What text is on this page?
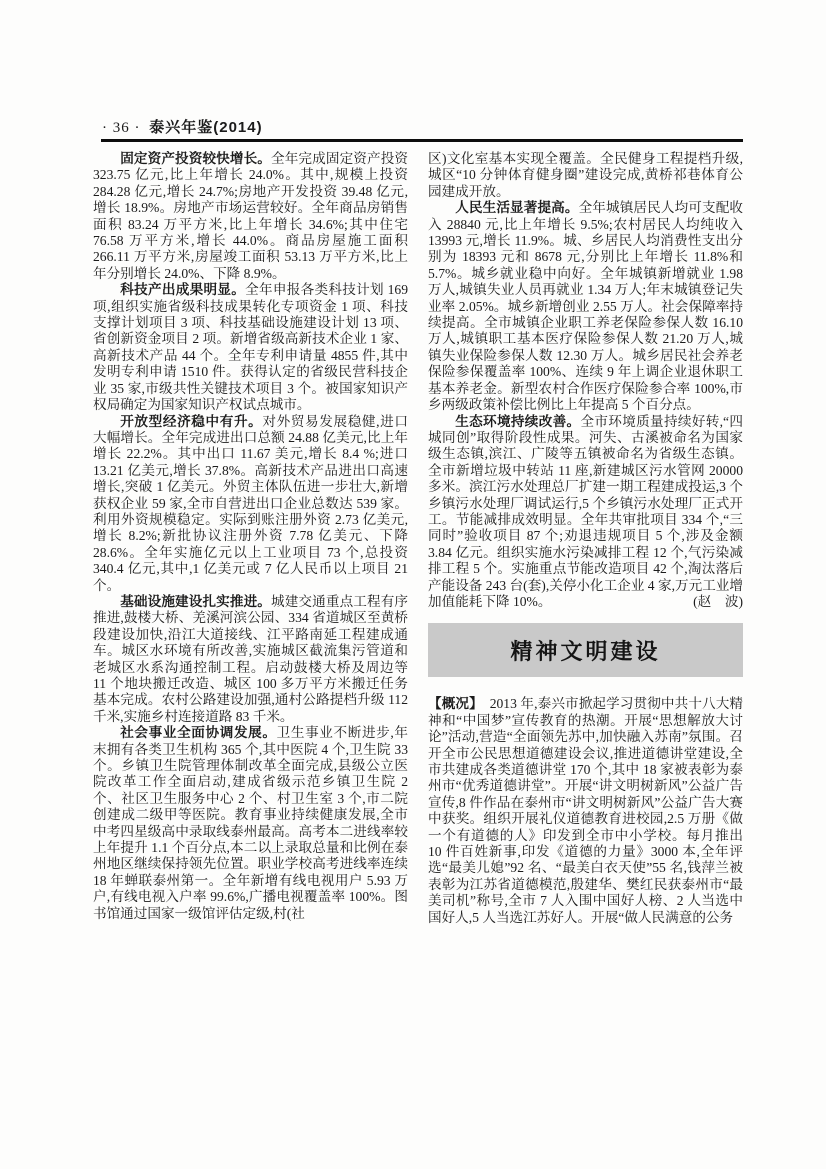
· 36 · 泰兴年鉴(2014)

固定资产投资较快增长。全年完成固定资产投资 323.75 亿元,比上年增长 24.0%。其中,规模上投资 284.28 亿元,增长 24.7%;房地产开发投资 39.48 亿元,增长 18.9%。房地产市场运营较好。全年商品房销售面积 83.24 万平方米,比上年增长 34.6%;其中住宅 76.58 万平方米,增长 44.0%。商品房屋施工面积 266.11 万平方米,房屋竣工面积 53.13 万平方米,比上年分别增长 24.0%、下降 8.9%。

科技产出成果明显。全年申报各类科技计划 169 项,组织实施省级科技成果转化专项资金 1 项、科技支撑计划项目 3 项、科技基础设施建设计划 13 项、省创新资金项目 2 项。新增省级高新技术企业 1 家、高新技术产品 44 个。全年专利申请量 4855 件,其中发明专利申请 1510 件。获得认定的省级民营科技企业 35 家,市级共性关键技术项目 3 个。被国家知识产权局确定为国家知识产权试点城市。

开放型经济稳中有升。对外贸易发展稳健,进口大幅增长。全年完成进出口总额 24.88 亿美元,比上年增长 22.2%。其中出口 11.67 美元,增长 8.4 %;进口 13.21 亿美元,增长 37.8%。高新技术产品进出口高速增长,突破 1 亿美元。外贸主体队伍进一步壮大,新增获权企业 59 家,全市自营进出口企业总数达 539 家。利用外资规模稳定。实际到账注册外资 2.73 亿美元,增长 8.2%;新批协议注册外资 7.78 亿美元、下降 28.6%。全年实施亿元以上工业项目 73 个,总投资 340.4 亿元,其中,1 亿美元或 7 亿人民币以上项目 21 个。

基础设施建设扎实推进。城建交通重点工程有序推进,鼓楼大桥、羌溪河滨公园、334 省道城区至黄桥段建设加快,沿江大道接线、江平路南延工程建成通车。城区水环境有所改善,实施城区截流集污管道和老城区水系沟通控制工程。启动鼓楼大桥及周边等 11 个地块搬迁改造、城区 100 多万平方米搬迁任务基本完成。农村公路建设加强,通村公路提档升级 112 千米,实施乡村连接道路 83 千米。

社会事业全面协调发展。卫生事业不断进步,年末拥有各类卫生机构 365 个,其中医院 4 个,卫生院 33 个。乡镇卫生院管理体制改革全面完成,县级公立医院改革工作全面启动,建成省级示范乡镇卫生院 2 个、社区卫生服务中心 2 个、村卫生室 3 个,市二院创建成二级甲等医院。教育事业持续健康发展,全市中考四星级高中录取线泰州最高。高考本二进线率较上年提升 1.1 个百分点,本二以上录取总量和比例在泰州地区继续保持领先位置。职业学校高考进线率连续 18 年蝉联泰州第一。全年新增有线电视用户 5.93 万户,有线电视入户率 99.6%,广播电视覆盖率 100%。图书馆通过国家一级馆评估定级,村(社

区)文化室基本实现全覆盖。全民健身工程提档升级,城区“10 分钟体育健身圈”建设完成,黄桥祁巷体育公园建成开放。

人民生活显著提高。全年城镇居民人均可支配收入 28840 元,比上年增长 9.5%;农村居民人均纯收入 13993 元,增长 11.9%。城、乡居民人均消费性支出分别为 18393 元和 8678 元,分别比上年增长 11.8%和 5.7%。城乡就业稳中向好。全年城镇新增就业 1.98 万人,城镇失业人员再就业 1.34 万人;年末城镇登记失业率 2.05%。城乡新增创业 2.55 万人。社会保障率持续提高。全市城镇企业职工养老保险参保人数 16.10 万人,城镇职工基本医疗保险参保人数 21.20 万人,城镇失业保险参保人数 12.30 万人。城乡居民社会养老保险参保覆盖率 100%、连续 9 年上调企业退休职工基本养老金。新型农村合作医疗保险参合率 100%,市乡两级政策补偿比例比上年提高 5 个百分点。

生态环境持续改善。全市环境质量持续好转,“四城同创”取得阶段性成果。河失、古溪被命名为国家级生态镇,滨江、广陵等五镇被命名为省级生态镇。全市新增垃圾中转站 11 座,新建城区污水管网 20000 多米。滨江污水处理总厂扩建一期工程建成投运,3 个乡镇污水处理厂调试运行,5 个乡镇污水处理厂正式开工。节能减排成效明显。全年共审批项目 334 个,“三同时”验收项目 87 个;劝退违规项目 5 个,涉及金额 3.84 亿元。组织实施水污染减排工程 12 个,气污染减排工程 5 个。实施重点节能改造项目 42 个,淘汰落后产能设备 243 台(套),关停小化工企业 4 家,万元工业增加值能耗下降 10%。	(赵　波)

精神文明建设

【概况】　2013 年,泰兴市掀起学习贯彻中共十八大精神和“中国梦”宣传教育的热潮。开展“思想解放大讨论”活动,营造“全面领先苏中,加快融入苏南”氛围。召开全市公民思想道德建设会议,推进道德讲堂建设,全市共建成各类道德讲堂 170 个,其中 18 家被表彰为泰州市“优秀道德讲堂”。开展“讲文明树新风”公益广告宣传,8 件作品在泰州市“讲文明树新风”公益广告大赛中获奖。组织开展礼仪道德教育进校园,2.5 万册《做一个有道德的人》印发到全市中小学校。每月推出 10 件百姓新事,印发《道德的力量》3000 本,全年评选“最美儿媳”92 名、“最美白衣天使”55 名,钱萍兰被表彰为江苏省道德模范,殷建华、樊红民获泰州市“最美司机”称号,全市 7 人入围中国好人榜、2 人当选中国好人,5 人当选江苏好人。开展“做人民满意的公务
